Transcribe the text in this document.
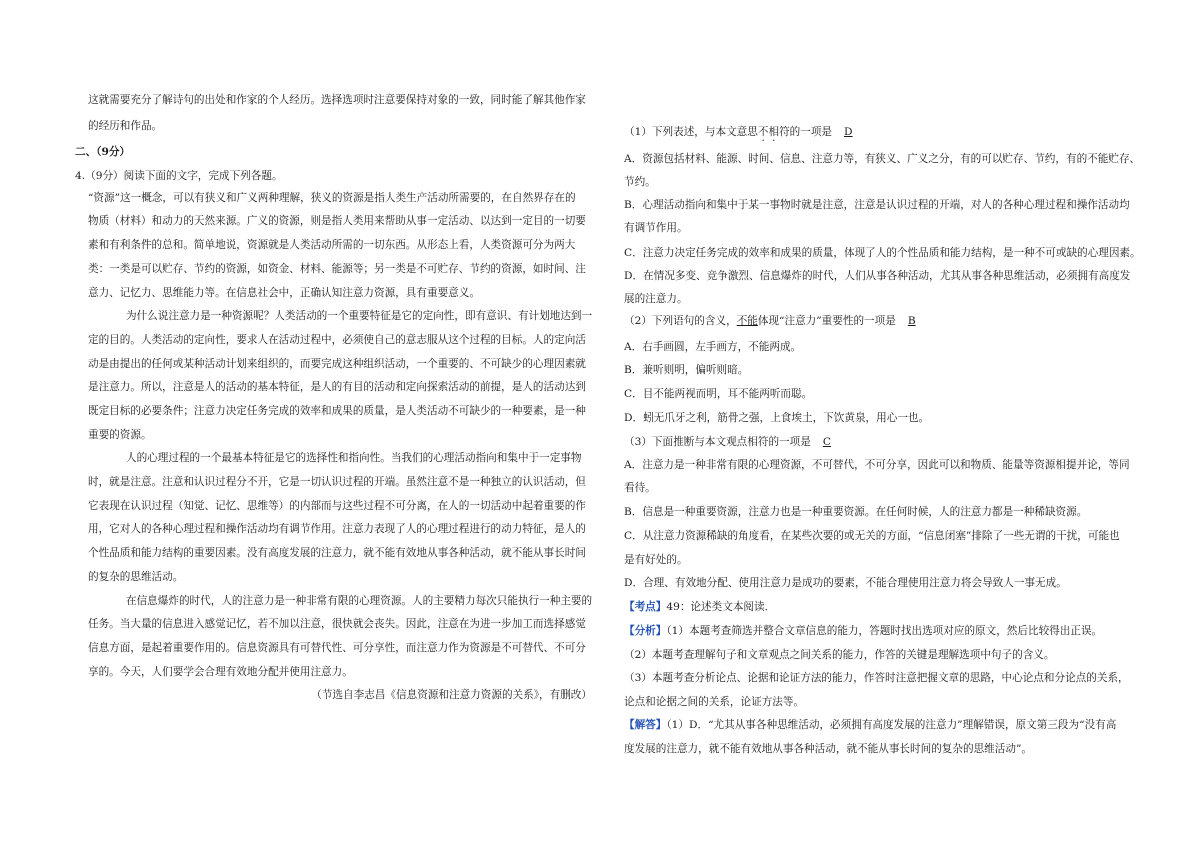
这就需要充分了解诗句的出处和作家的个人经历。选择选项时注意要保持对象的一致，同时能了解其他作家
的经历和作品。
二、（9分）
4.（9分）阅读下面的文字，完成下列各题。
“资源”这一概念，可以有狭义和广义两种理解，狭义的资源是指人类生产活动所需要的，在自然界存在的
物质（材料）和动力的天然来源。广义的资源，则是指人类用来帮助从事一定活动、以达到一定目的一切要
素和有利条件的总和。简单地说，资源就是人类活动所需的一切东西。从形态上看，人类资源可分为两大
类：一类是可以贮存、节约的资源，如资金、材料、能源等；另一类是不可贮存、节约的资源，如时间、注
意力、记忆力、思维能力等。在信息社会中，正确认知注意力资源，具有重要意义。
为什么说注意力是一种资源呢？人类活动的一个重要特征是它的定向性，即有意识、有计划地达到一
定的目的。人类活动的定向性，要求人在活动过程中，必须使自己的意志服从这个过程的目标。人的定向活
动是由提出的任何或某种活动计划来组织的，而要完成这种组织活动，一个重要的、不可缺少的心理因素就
是注意力。所以，注意是人的活动的基本特征，是人的有目的活动和定向探索活动的前提，是人的活动达到
既定目标的必要条件；注意力决定任务完成的效率和成果的质量，是人类活动不可缺少的一种要素，是一种
重要的资源。
人的心理过程的一个最基本特征是它的选择性和指向性。当我们的心理活动指向和集中于一定事物
时，就是注意。注意和认识过程分不开，它是一切认识过程的开端。虽然注意不是一种独立的认识活动，但
它表现在认识过程（知觉、记忆、思维等）的内部而与这些过程不可分离，在人的一切活动中起着重要的作
用，它对人的各种心理过程和操作活动均有调节作用。注意力表现了人的心理过程进行的动力特征，是人的
个性品质和能力结构的重要因素。没有高度发展的注意力，就不能有效地从事各种活动，就不能从事长时间
的复杂的思维活动。
在信息爆炸的时代，人的注意力是一种非常有限的心理资源。人的主要精力每次只能执行一种主要的
任务。当大量的信息进入感觉记忆，若不加以注意，很快就会丧失。因此，注意在为进一步加工而选择感觉
信息方面，是起着重要作用的。信息资源具有可替代性、可分享性，而注意力作为资源是不可替代、不可分
享的。今天，人们要学会合理有效地分配并使用注意力。
（节选自李志昌《信息资源和注意力资源的关系》，有删改）
（1）下列表述，与本文意思不相符的一项是 D
A．资源包括材料、能源、时间、信息、注意力等，有狭义、广义之分，有的可以贮存、节约，有的不能贮存、
节约。
B．心理活动指向和集中于某一事物时就是注意，注意是认识过程的开端，对人的各种心理过程和操作活动均
有调节作用。
C．注意力决定任务完成的效率和成果的质量，体现了人的个性品质和能力结构，是一种不可或缺的心理因素。
D．在情况多变、竞争激烈、信息爆炸的时代，人们从事各种活动，尤其从事各种思维活动，必须拥有高度发
展的注意力。
（2）下列语句的含义，不能体现“注意力”重要性的一项是 B
A．右手画圆，左手画方，不能两成。
B．兼听则明，偏听则暗。
C．目不能两视而明，耳不能两听而聪。
D．蚓无爪牙之利，筋骨之强，上食埃土，下饮黄泉，用心一也。
（3）下面推断与本文观点相符的一项是 C
A．注意力是一种非常有限的心理资源，不可替代，不可分享，因此可以和物质、能量等资源相提并论，等同
看待。
B．信息是一种重要资源，注意力也是一种重要资源。在任何时候，人的注意力都是一种稀缺资源。
C．从注意力资源稀缺的角度看，在某些次要的或无关的方面，“信息闭塞”排除了一些无谓的干扰，可能也
是有好处的。
D．合理、有效地分配、使用注意力是成功的要素，不能合理使用注意力将会导致人一事无成。
【考点】49：论述类文本阅读．
【分析】（1）本题考查筛选并整合文章信息的能力，答题时找出选项对应的原文，然后比较得出正误。
（2）本题考查理解句子和文章观点之间关系的能力，作答的关键是理解选项中句子的含义。
（3）本题考查分析论点、论据和论证方法的能力，作答时注意把握文章的思路，中心论点和分论点的关系，
论点和论据之间的关系，论证方法等。
【解答】（1）D．“尤其从事各种思维活动，必须拥有高度发展的注意力”理解错误，原文第三段为“没有高
度发展的注意力，就不能有效地从事各种活动，就不能从事长时间的复杂的思维活动”。
